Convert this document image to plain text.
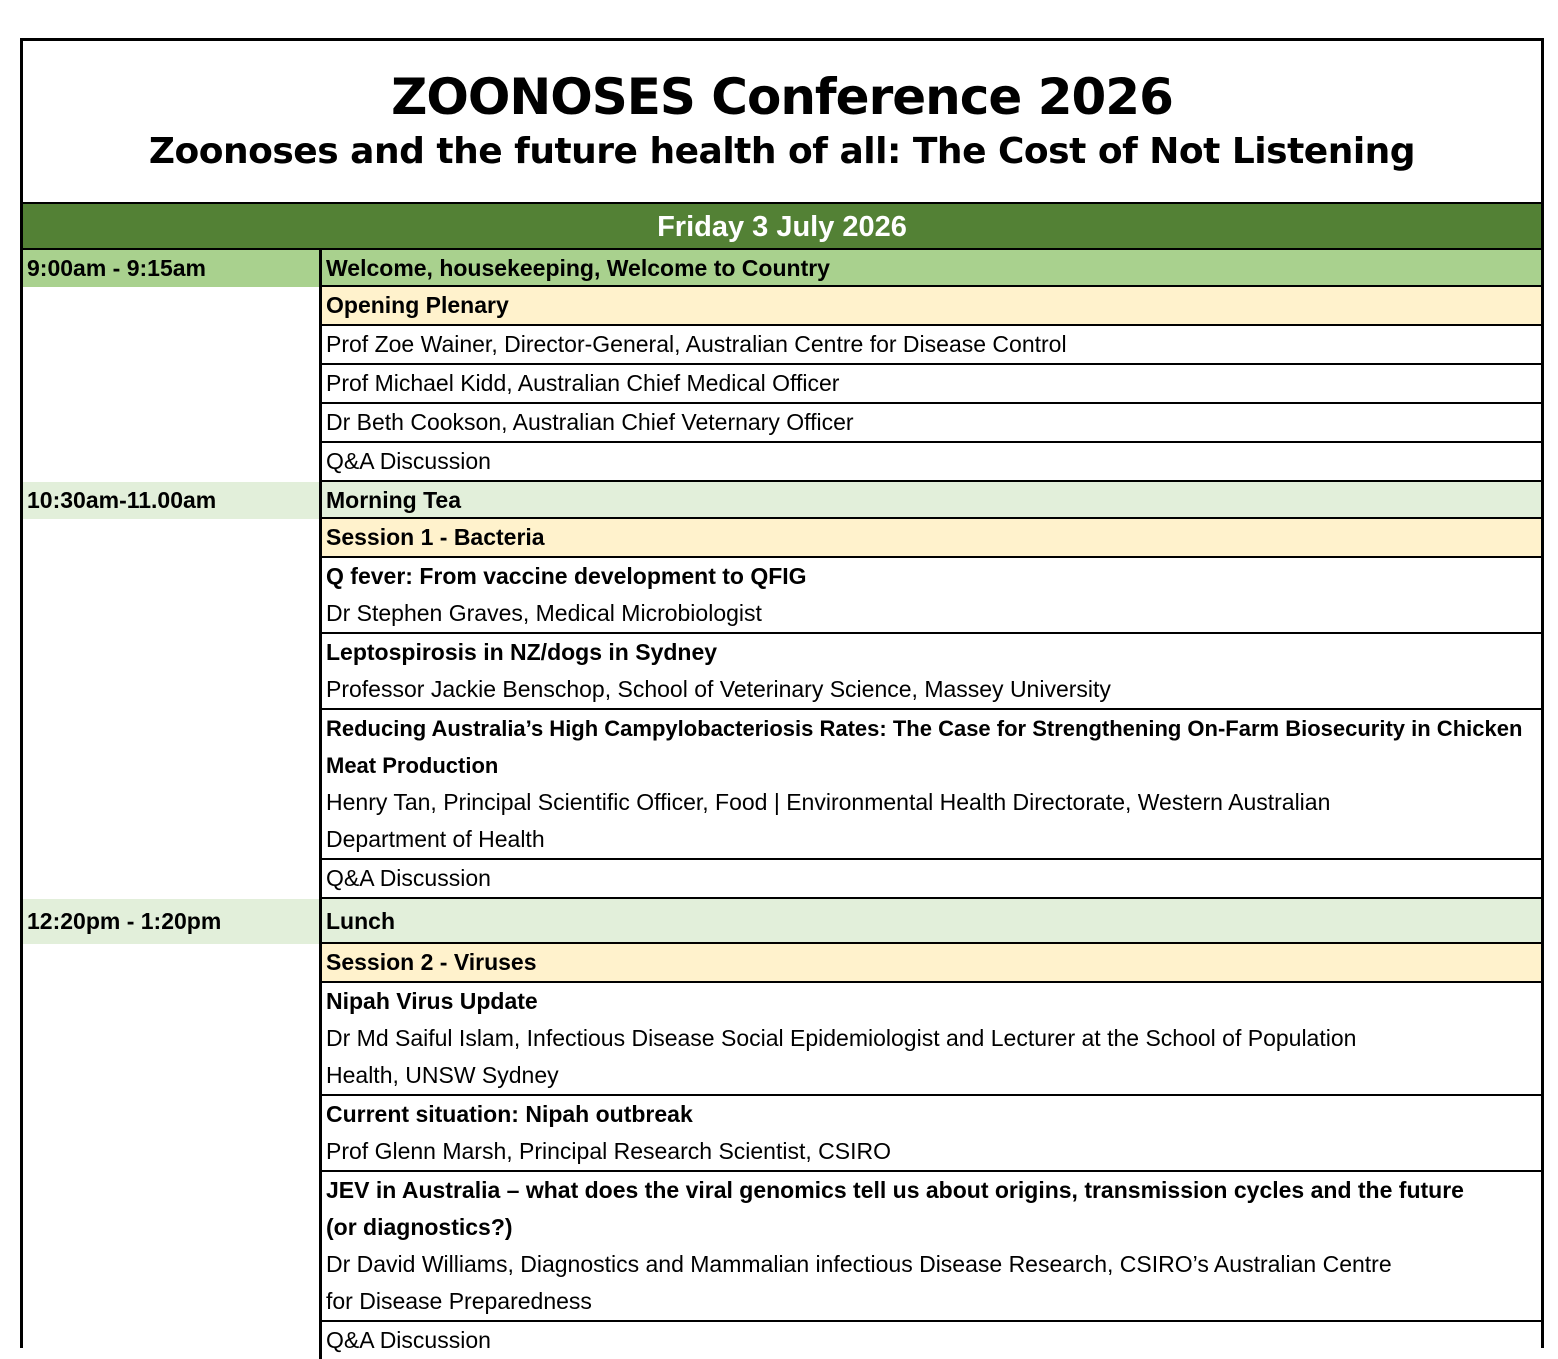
ZOONOSES Conference 2026
Zoonoses and the future health of all: The Cost of Not Listening
Friday 3 July 2026
9:00am - 9:15am	Welcome, housekeeping, Welcome to Country
Opening Plenary
Prof Zoe Wainer, Director-General, Australian Centre for Disease Control
Prof Michael Kidd, Australian Chief Medical Officer
Dr Beth Cookson, Australian Chief Veternary Officer
Q&A Discussion
10:30am-11.00am	Morning Tea
Session 1 - Bacteria
Q fever: From vaccine development to QFIG
Dr Stephen Graves, Medical Microbiologist
Leptospirosis in NZ/dogs in Sydney
Professor Jackie Benschop, School of Veterinary Science, Massey University
Reducing Australia’s High Campylobacteriosis Rates: The Case for Strengthening On-Farm Biosecurity in Chicken
Meat Production
Henry Tan, Principal Scientific Officer, Food | Environmental Health Directorate, Western Australian
Department of Health
Q&A Discussion
12:20pm - 1:20pm	Lunch
Session 2 - Viruses
Nipah Virus Update
Dr Md Saiful Islam, Infectious Disease Social Epidemiologist and Lecturer at the School of Population
Health, UNSW Sydney
Current situation: Nipah outbreak
Prof Glenn Marsh, Principal Research Scientist, CSIRO
JEV in Australia – what does the viral genomics tell us about origins, transmission cycles and the future
(or diagnostics?)
Dr David Williams, Diagnostics and Mammalian infectious Disease Research, CSIRO’s Australian Centre
for Disease Preparedness
Q&A Discussion
